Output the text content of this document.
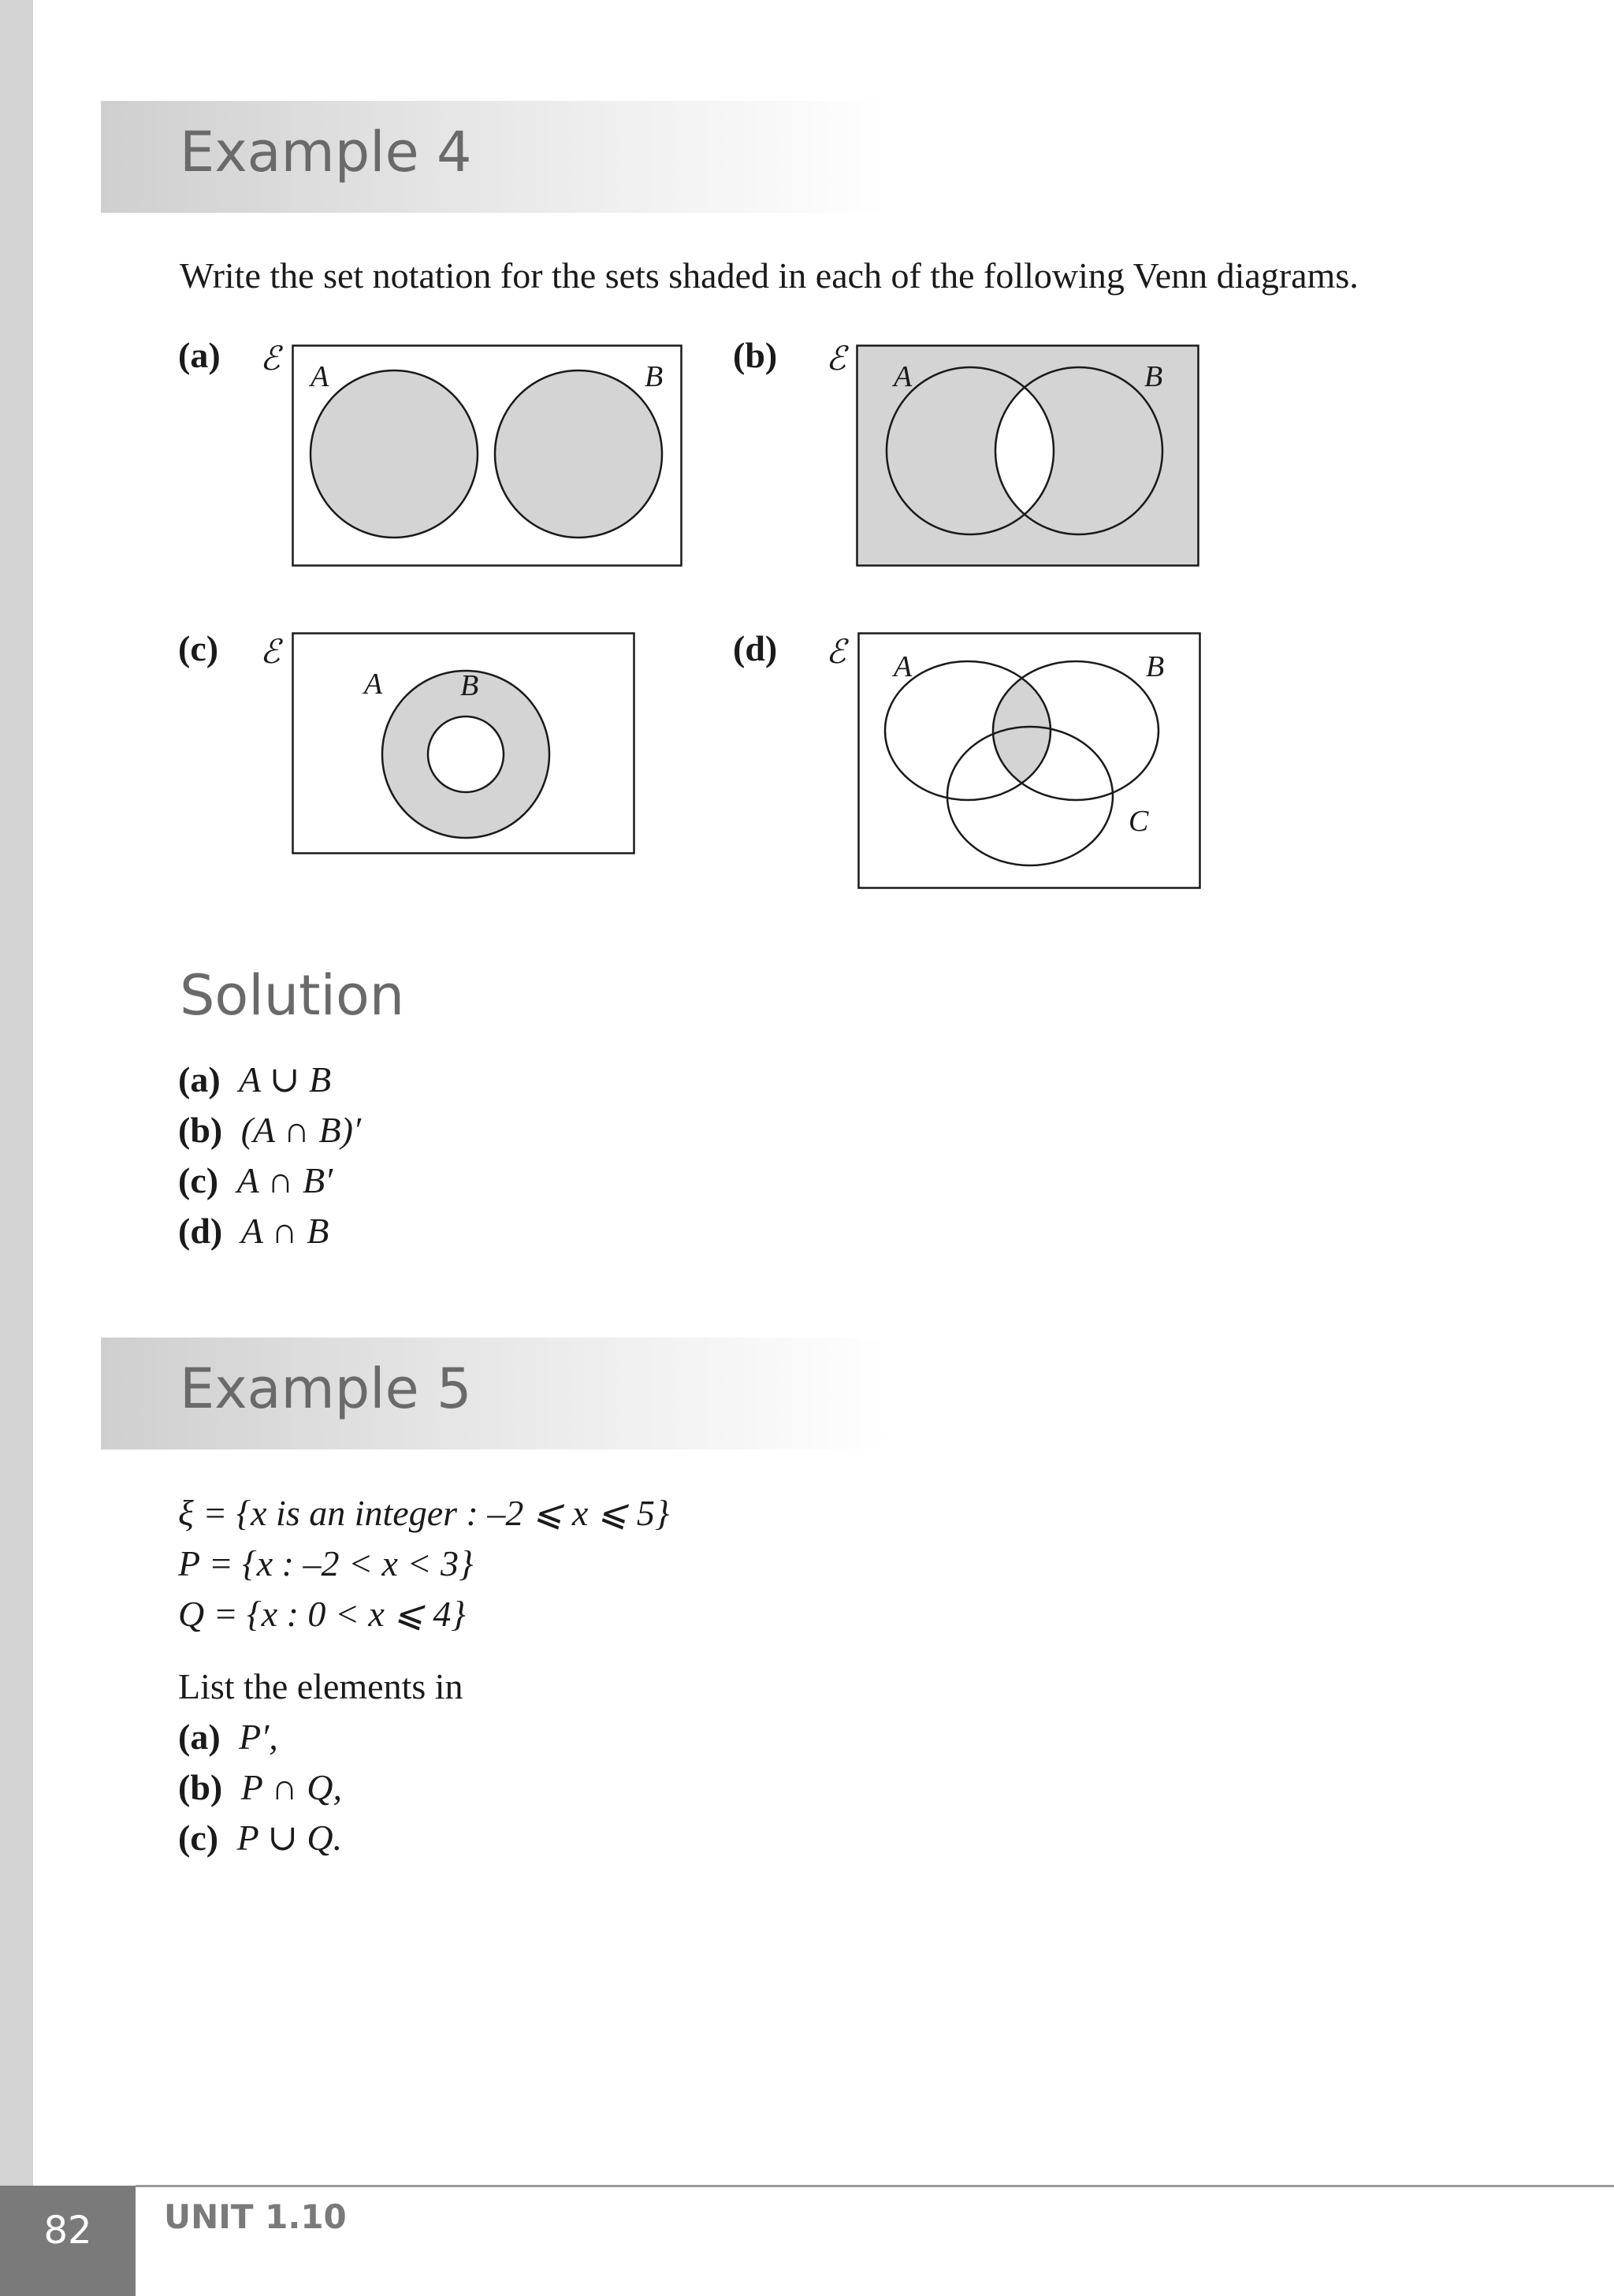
Example 4
Write the set notation for the sets shaded in each of the following Venn diagrams.
(a) ℰ A	B
(b) ℰ A	B
(c) ℰ
A	B
(d) ℰ A	B
C
Solution
(a) A ∪ B
(b) (A ∩ B)′
(c) A ∩ B′
(d) A ∩ B
Example 5
ξ = {x is an integer : –2 ⩽ x ⩽ 5}
P = {x : –2 < x < 3}
Q = {x : 0 < x ⩽ 4}
List the elements in
(a) P′,
(b) P ∩ Q,
(c) P ∪ Q.
82	UNIT 1.10
